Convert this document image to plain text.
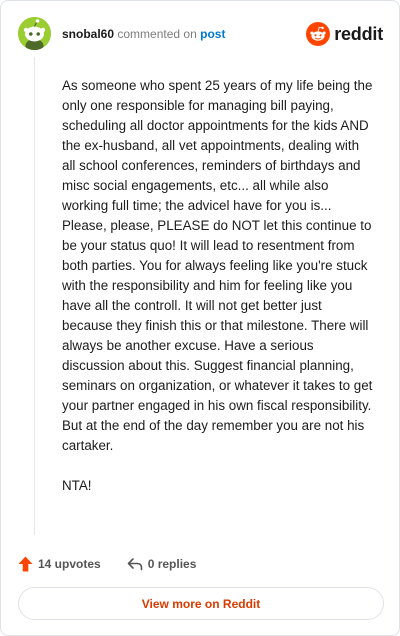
snobal60 commented on post	reddit

As someone who spent 25 years of my life being the only one responsible for managing bill paying, scheduling all doctor appointments for the kids AND the ex-husband, all vet appointments, dealing with all school conferences, reminders of birthdays and misc social engagements, etc... all while also working full time; the advicel have for you is... Please, please, PLEASE do NOT let this continue to be your status quo! It will lead to resentment from both parties. You for always feeling like you're stuck with the responsibility and him for feeling like you have all the controll. It will not get better just because they finish this or that milestone. There will always be another excuse. Have a serious discussion about this. Suggest financial planning, seminars on organization, or whatever it takes to get your partner engaged in his own fiscal responsibility. But at the end of the day remember you are not his cartaker.

NTA!

14 upvotes	0 replies
View more on Reddit
